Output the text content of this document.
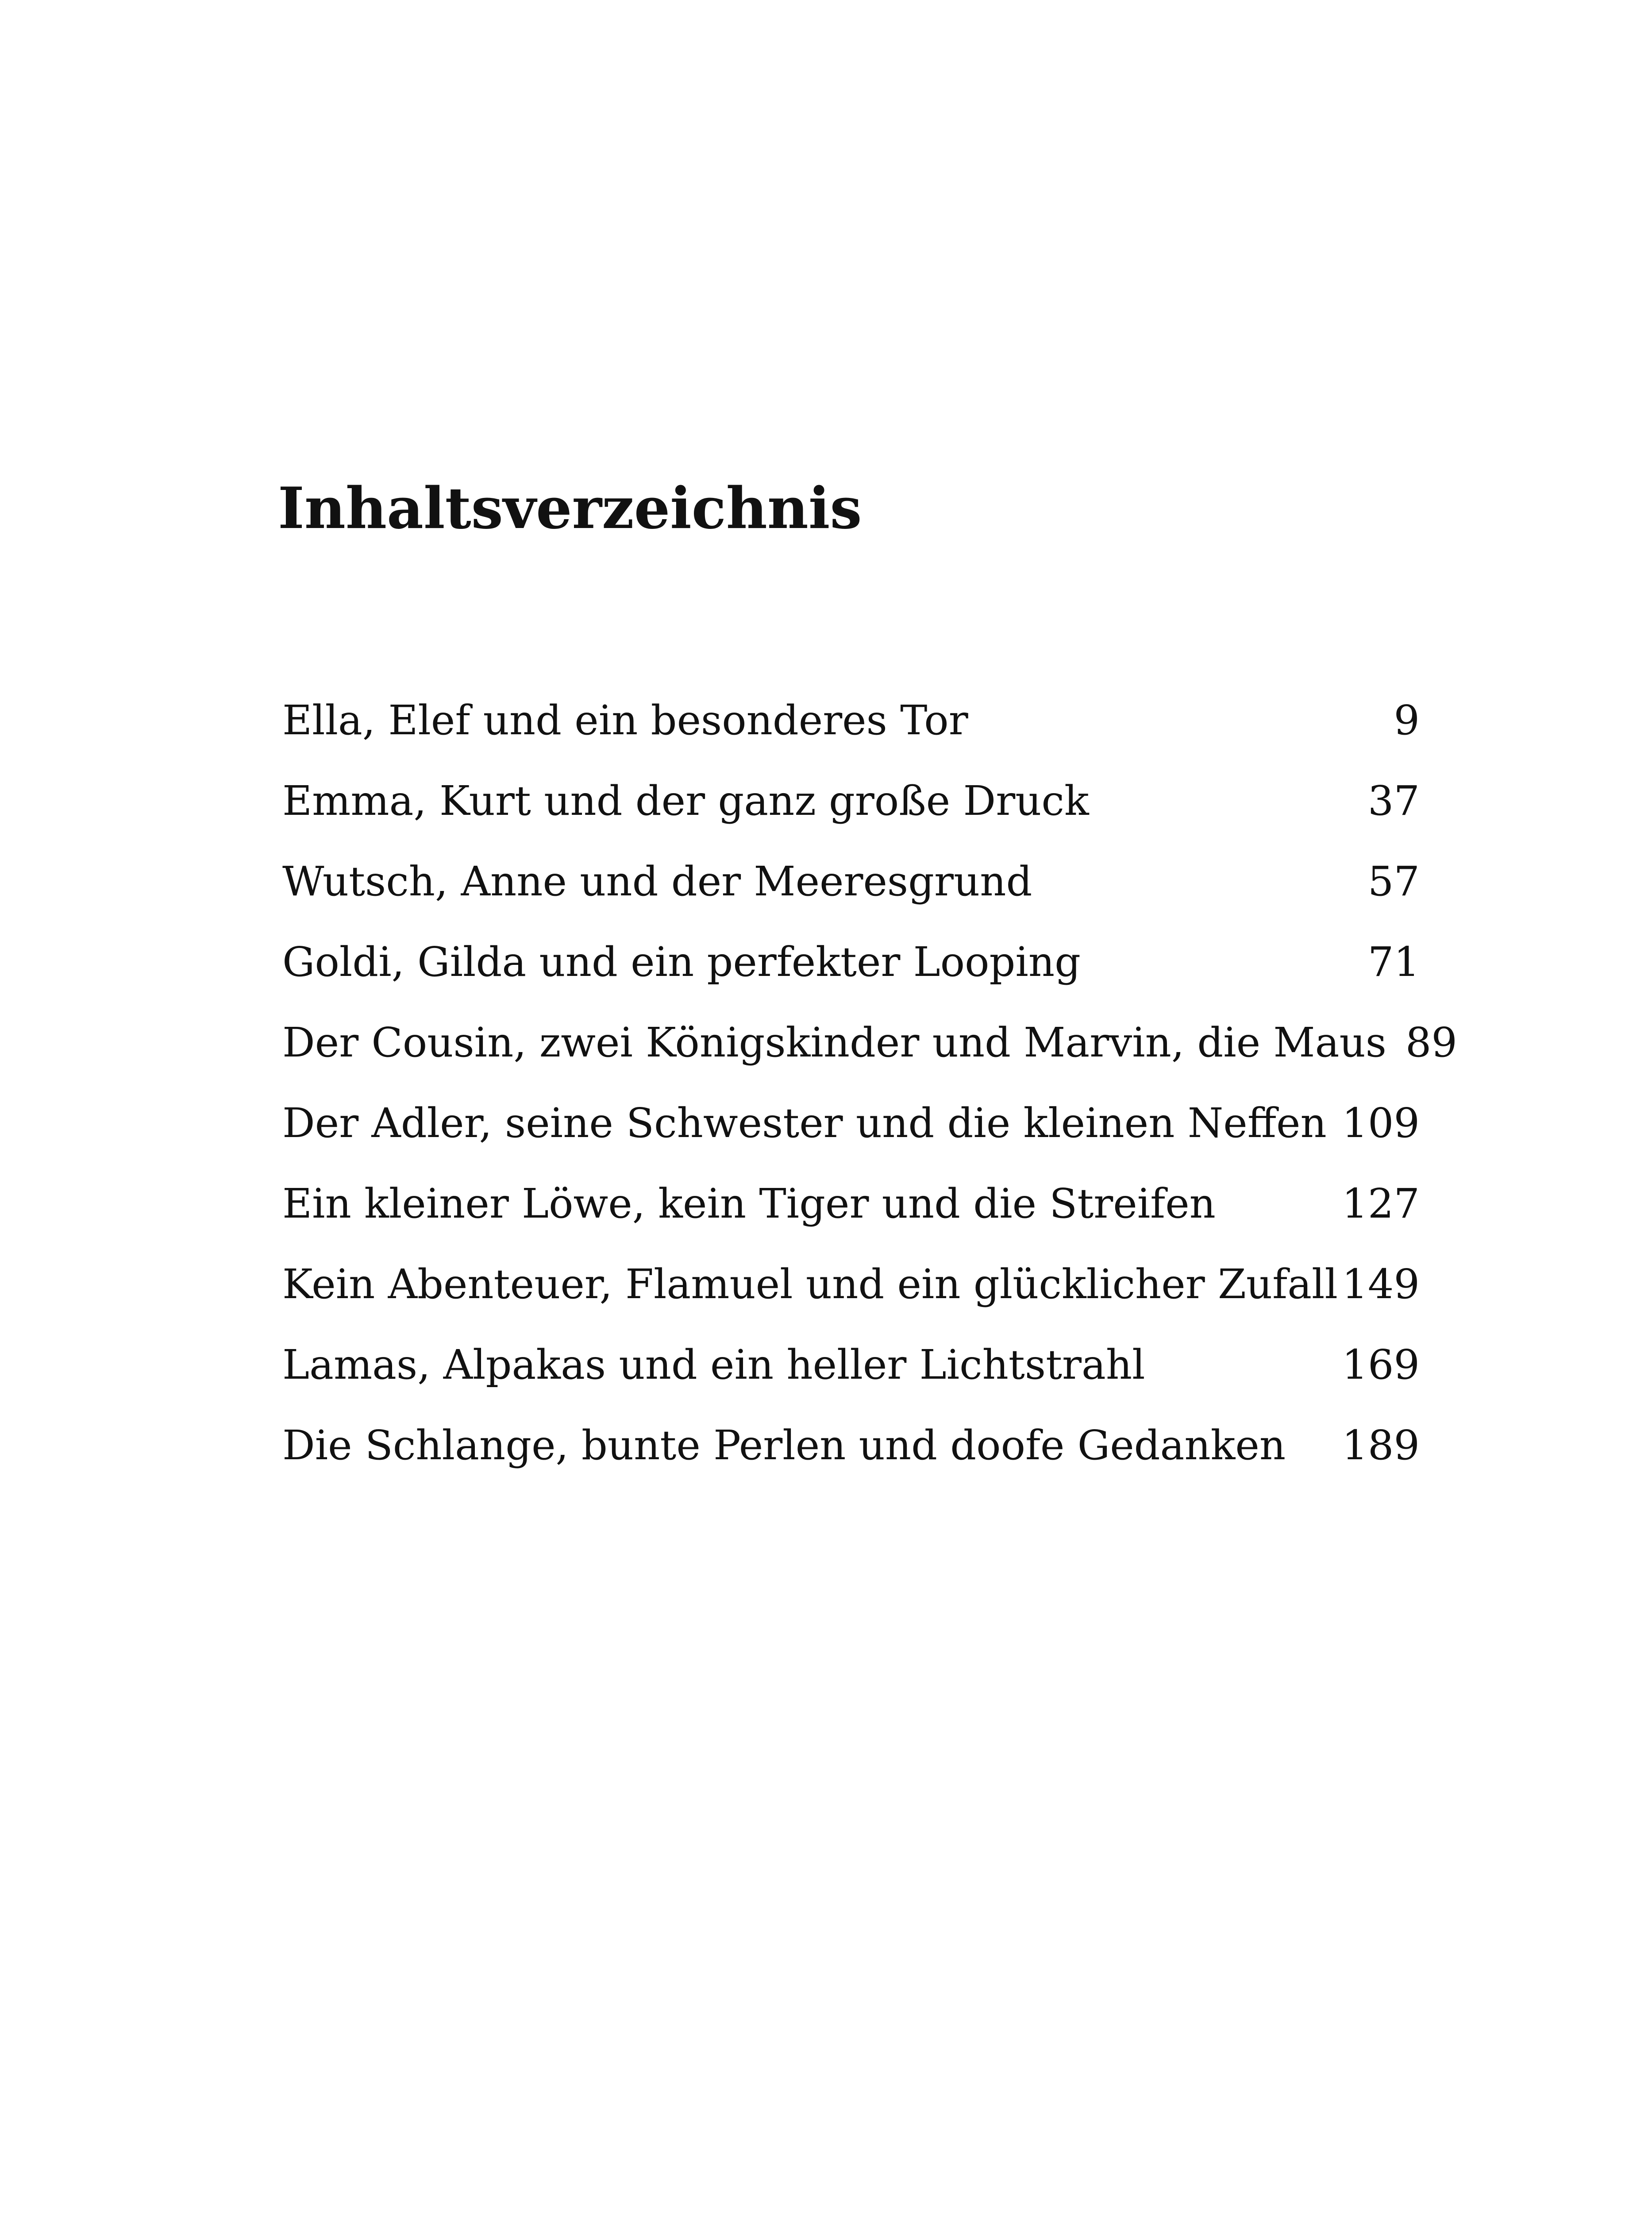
Inhaltsverzeichnis
Ella, Elef und ein besonderes Tor	9
Emma, Kurt und der ganz große Druck	37
Wutsch, Anne und der Meeresgrund	57
Goldi, Gilda und ein perfekter Looping	71
Der Cousin, zwei Königskinder und Marvin, die Maus 89
Der Adler, seine Schwester und die kleinen Neffen 109
Ein kleiner Löwe, kein Tiger und die Streifen	127
Kein Abenteuer, Flamuel und ein glücklicher Zufall 149
Lamas, Alpakas und ein heller Lichtstrahl	169
Die Schlange, bunte Perlen und doofe Gedanken 189
